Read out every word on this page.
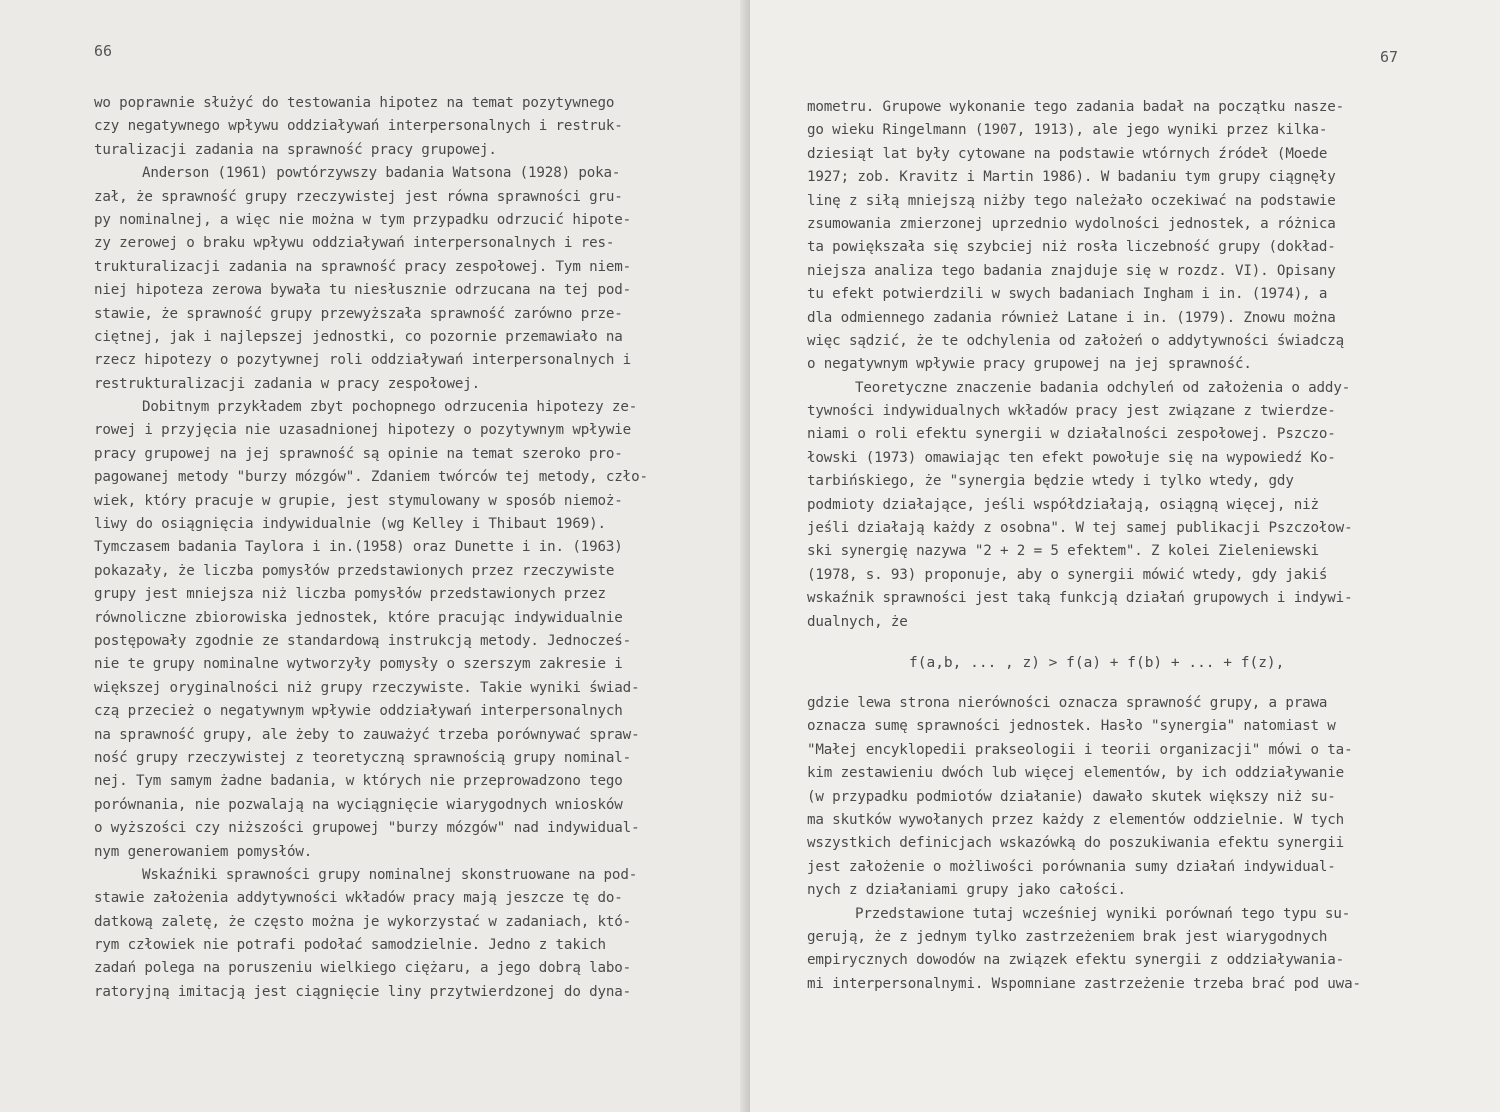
66
wo poprawnie służyć do testowania hipotez na temat pozytywnego
czy negatywnego wpływu oddziaływań interpersonalnych i restruk-
turalizacji zadania na sprawność pracy grupowej.
Anderson (1961) powtórzywszy badania Watsona (1928) poka-
zał, że sprawność grupy rzeczywistej jest równa sprawności gru-
py nominalnej, a więc nie można w tym przypadku odrzucić hipote-
zy zerowej o braku wpływu oddziaływań interpersonalnych i res-
trukturalizacji zadania na sprawność pracy zespołowej. Tym niem-
niej hipoteza zerowa bywała tu niesłusznie odrzucana na tej pod-
stawie, że sprawność grupy przewyższała sprawność zarówno prze-
ciętnej, jak i najlepszej jednostki, co pozornie przemawiało na
rzecz hipotezy o pozytywnej roli oddziaływań interpersonalnych i
restrukturalizacji zadania w pracy zespołowej.
Dobitnym przykładem zbyt pochopnego odrzucenia hipotezy ze-
rowej i przyjęcia nie uzasadnionej hipotezy o pozytywnym wpływie
pracy grupowej na jej sprawność są opinie na temat szeroko pro-
pagowanej metody "burzy mózgów". Zdaniem twórców tej metody, czło-
wiek, który pracuje w grupie, jest stymulowany w sposób niemoż-
liwy do osiągnięcia indywidualnie (wg Kelley i Thibaut 1969).
Tymczasem badania Taylora i in.(1958) oraz Dunette i in. (1963)
pokazały, że liczba pomysłów przedstawionych przez rzeczywiste
grupy jest mniejsza niż liczba pomysłów przedstawionych przez
równoliczne zbiorowiska jednostek, które pracując indywidualnie
postępowały zgodnie ze standardową instrukcją metody. Jednocześ-
nie te grupy nominalne wytworzyły pomysły o szerszym zakresie i
większej oryginalności niż grupy rzeczywiste. Takie wyniki świad-
czą przecież o negatywnym wpływie oddziaływań interpersonalnych
na sprawność grupy, ale żeby to zauważyć trzeba porównywać spraw-
ność grupy rzeczywistej z teoretyczną sprawnością grupy nominal-
nej. Tym samym żadne badania, w których nie przeprowadzono tego
porównania, nie pozwalają na wyciągnięcie wiarygodnych wniosków
o wyższości czy niższości grupowej "burzy mózgów" nad indywidual-
nym generowaniem pomysłów.
Wskaźniki sprawności grupy nominalnej skonstruowane na pod-
stawie założenia addytywności wkładów pracy mają jeszcze tę do-
datkową zaletę, że często można je wykorzystać w zadaniach, któ-
rym człowiek nie potrafi podołać samodzielnie. Jedno z takich
zadań polega na poruszeniu wielkiego ciężaru, a jego dobrą labo-
ratoryjną imitacją jest ciągnięcie liny przytwierdzonej do dyna-
67
mometru. Grupowe wykonanie tego zadania badał na początku nasze-
go wieku Ringelmann (1907, 1913), ale jego wyniki przez kilka-
dziesiąt lat były cytowane na podstawie wtórnych źródeł (Moede
1927; zob. Kravitz i Martin 1986). W badaniu tym grupy ciągnęły
linę z siłą mniejszą niżby tego należało oczekiwać na podstawie
zsumowania zmierzonej uprzednio wydolności jednostek, a różnica
ta powiększała się szybciej niż rosła liczebność grupy (dokład-
niejsza analiza tego badania znajduje się w rozdz. VI). Opisany
tu efekt potwierdzili w swych badaniach Ingham i in. (1974), a
dla odmiennego zadania również Latane i in. (1979). Znowu można
więc sądzić, że te odchylenia od założeń o addytywności świadczą
o negatywnym wpływie pracy grupowej na jej sprawność.
Teoretyczne znaczenie badania odchyleń od założenia o addy-
tywności indywidualnych wkładów pracy jest związane z twierdze-
niami o roli efektu synergii w działalności zespołowej. Pszczo-
łowski (1973) omawiając ten efekt powołuje się na wypowiedź Ko-
tarbińskiego, że "synergia będzie wtedy i tylko wtedy, gdy
podmioty działające, jeśli współdziałają, osiągną więcej, niż
jeśli działają każdy z osobna". W tej samej publikacji Pszczołow-
ski synergię nazywa "2 + 2 = 5 efektem". Z kolei Zieleniewski
(1978, s. 93) proponuje, aby o synergii mówić wtedy, gdy jakiś
wskaźnik sprawności jest taką funkcją działań grupowych i indywi-
dualnych, że
f(a,b, ... , z) > f(a) + f(b) + ... + f(z),
gdzie lewa strona nierówności oznacza sprawność grupy, a prawa
oznacza sumę sprawności jednostek. Hasło "synergia" natomiast w
"Małej encyklopedii prakseologii i teorii organizacji" mówi o ta-
kim zestawieniu dwóch lub więcej elementów, by ich oddziaływanie
(w przypadku podmiotów działanie) dawało skutek większy niż su-
ma skutków wywołanych przez każdy z elementów oddzielnie. W tych
wszystkich definicjach wskazówką do poszukiwania efektu synergii
jest założenie o możliwości porównania sumy działań indywidual-
nych z działaniami grupy jako całości.
Przedstawione tutaj wcześniej wyniki porównań tego typu su-
gerują, że z jednym tylko zastrzeżeniem brak jest wiarygodnych
empirycznych dowodów na związek efektu synergii z oddziaływania-
mi interpersonalnymi. Wspomniane zastrzeżenie trzeba brać pod uwa-
